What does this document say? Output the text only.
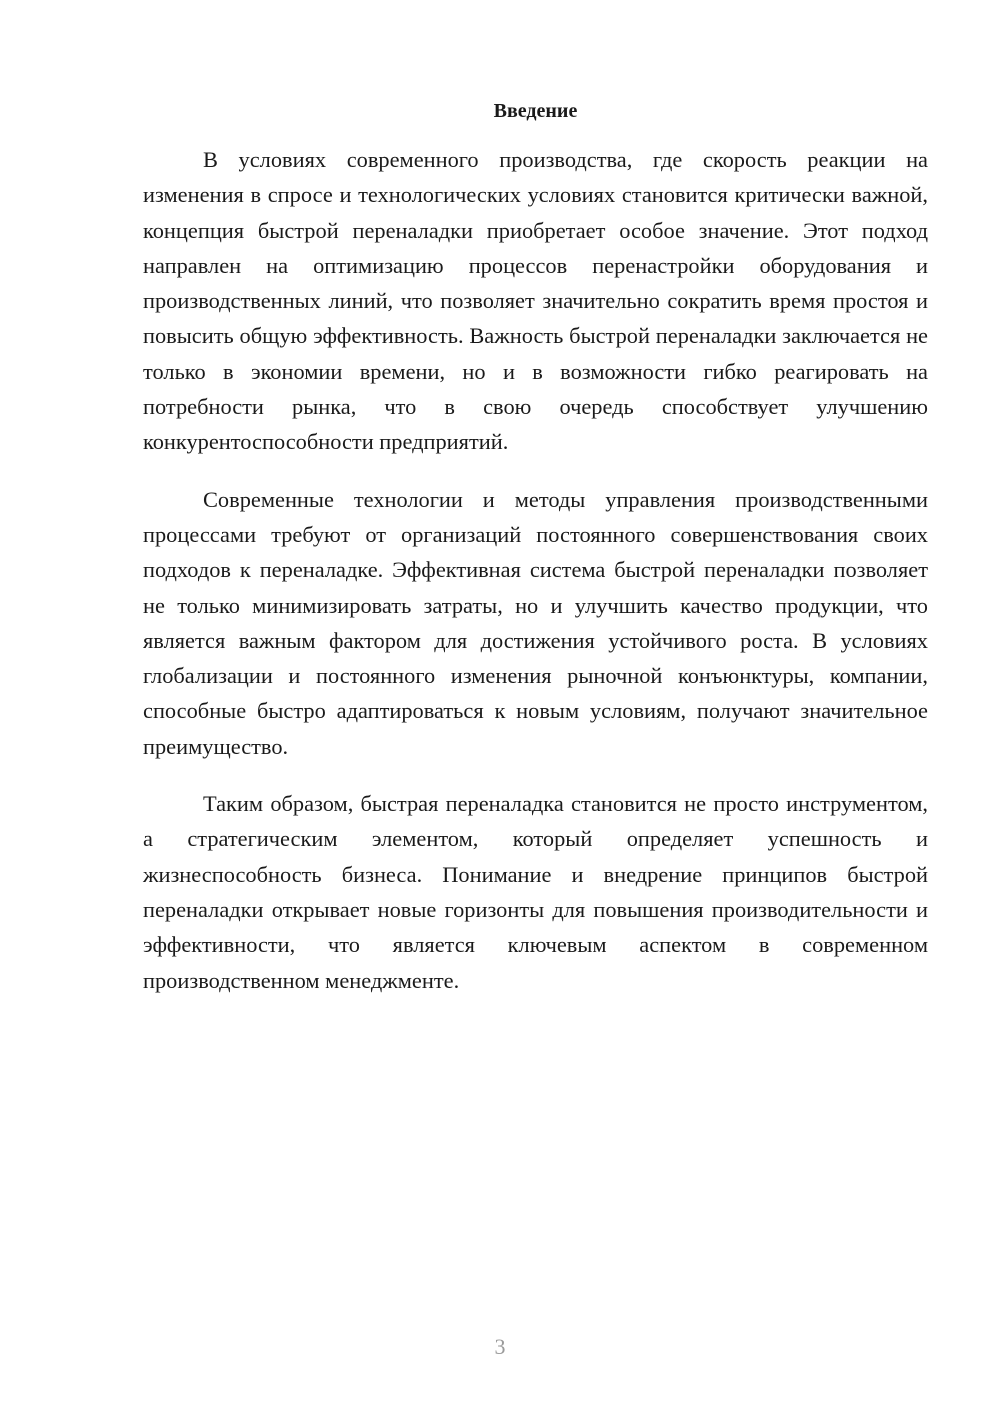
Введение

В условиях современного производства, где скорость реакции на изменения в спросе и технологических условиях становится критически важной, концепция быстрой переналадки приобретает особое значение. Этот подход направлен на оптимизацию процессов перенастройки оборудования и производственных линий, что позволяет значительно сократить время простоя и повысить общую эффективность. Важность быстрой переналадки заключается не только в экономии времени, но и в возможности гибко реагировать на потребности рынка, что в свою очередь способствует улучшению конкурентоспособности предприятий.

Современные технологии и методы управления производственными процессами требуют от организаций постоянного совершенствования своих подходов к переналадке. Эффективная система быстрой переналадки позволяет не только минимизировать затраты, но и улучшить качество продукции, что является важным фактором для достижения устойчивого роста. В условиях глобализации и постоянного изменения рыночной конъюнктуры, компании, способные быстро адаптироваться к новым условиям, получают значительное преимущество.

Таким образом, быстрая переналадка становится не просто инструментом, а стратегическим элементом, который определяет успешность и жизнеспособность бизнеса. Понимание и внедрение принципов быстрой переналадки открывает новые горизонты для повышения производительности и эффективности, что является ключевым аспектом в современном производственном менеджменте.

3
